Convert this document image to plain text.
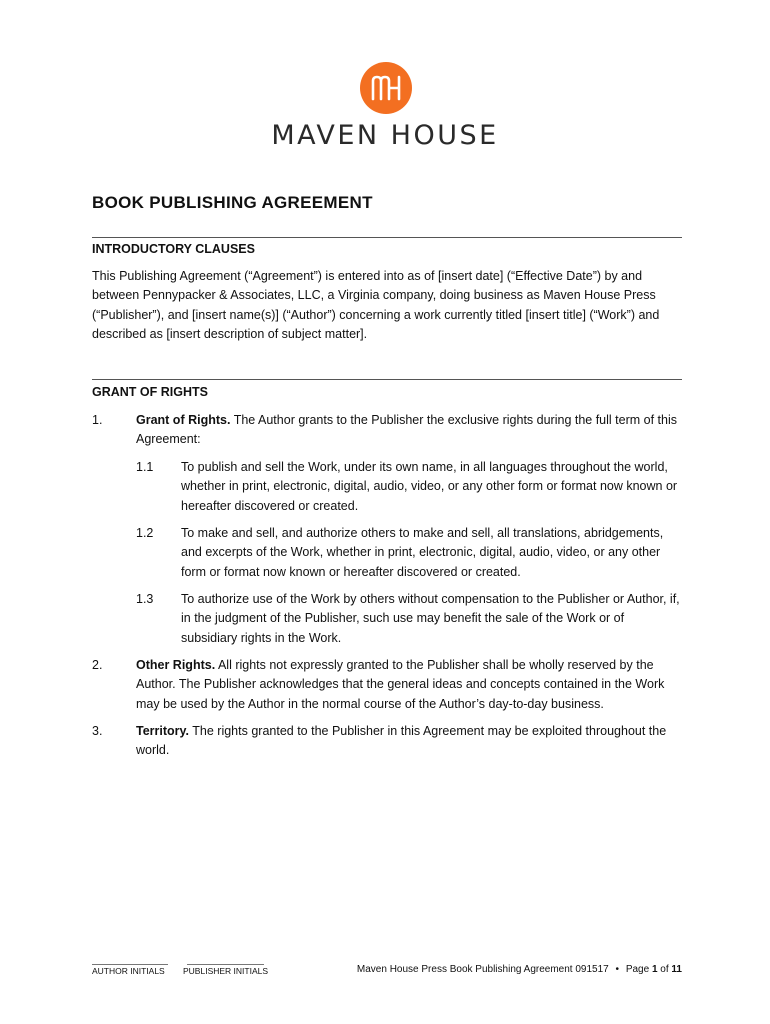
MAVEN HOUSE
BOOK PUBLISHING AGREEMENT
INTRODUCTORY CLAUSES
This Publishing Agreement (“Agreement”) is entered into as of [insert date] (“Effective Date”) by and between Pennypacker & Associates, LLC, a Virginia company, doing business as Maven House Press (“Publisher”), and [insert name(s)] (“Author”) concerning a work currently titled [insert title] (“Work”) and described as [insert description of subject matter].
GRANT OF RIGHTS
1.	Grant of Rights. The Author grants to the Publisher the exclusive rights during the full term of this Agreement:
1.1 To publish and sell the Work, under its own name, in all languages throughout the world, whether in print, electronic, digital, audio, video, or any other form or format now known or hereafter discovered or created.
1.2 To make and sell, and authorize others to make and sell, all translations, abridgements, and excerpts of the Work, whether in print, electronic, digital, audio, video, or any other form or format now known or hereafter discovered or created.
1.3 To authorize use of the Work by others without compensation to the Publisher or Author, if, in the judgment of the Publisher, such use may benefit the sale of the Work or of subsidiary rights in the Work.
2.	Other Rights. All rights not expressly granted to the Publisher shall be wholly reserved by the Author. The Publisher acknowledges that the general ideas and concepts contained in the Work may be used by the Author in the normal course of the Author’s day-to-day business.
3.	Territory. The rights granted to the Publisher in this Agreement may be exploited throughout the world.
AUTHOR INITIALS PUBLISHER INITIALS	Maven House Press Book Publishing Agreement 091517 • Page 1 of 11
